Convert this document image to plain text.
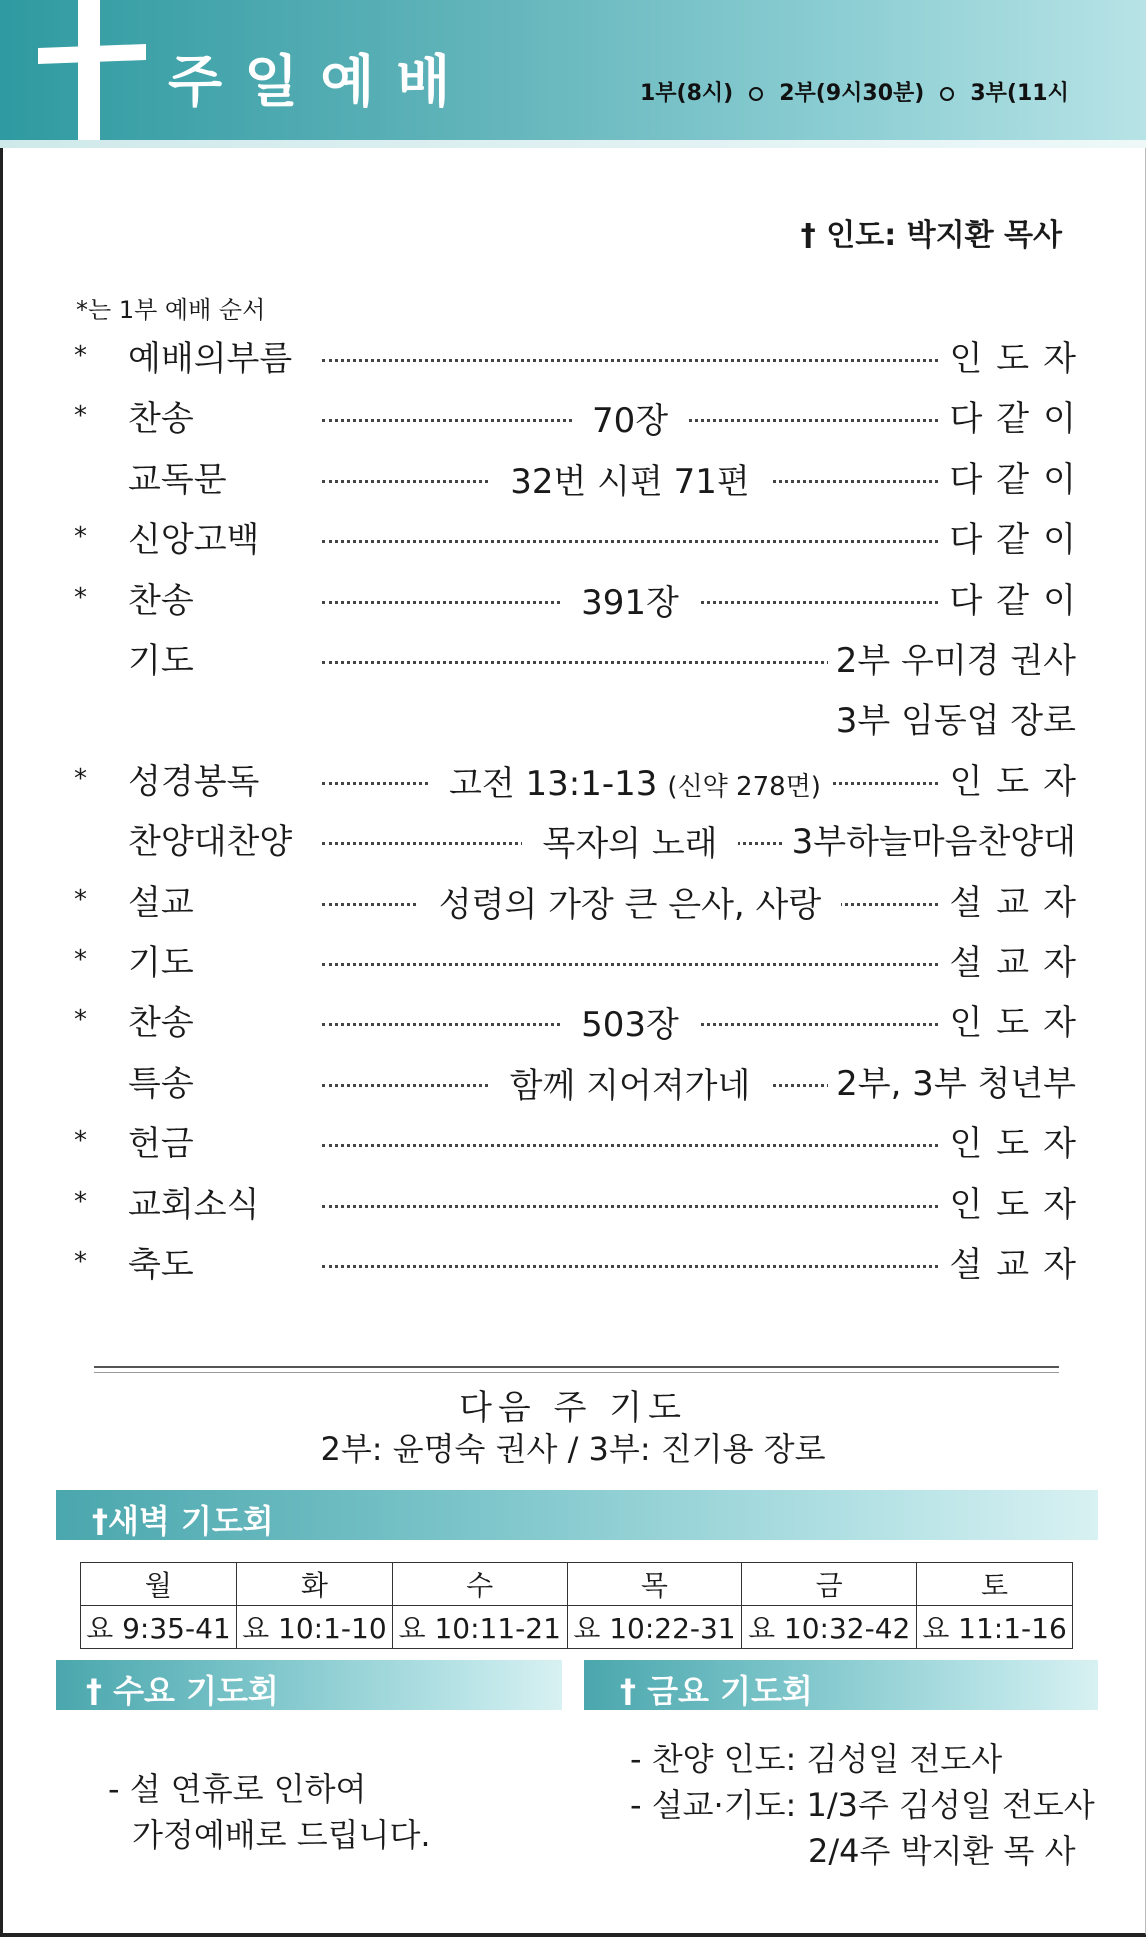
주일예배	1부(8시) 2부(9시30분) 3부(11시
† 인도: 박지환 목사
*는 1부 예배 순서
* 예배의부름	인도자
* 찬송	70장	다같이
교독문	32번 시편 71편	다같이
* 신앙고백	다같이
* 찬송	391장	다같이
기도	2부 우미경 권사
3부 임동업 장로
* 성경봉독	고전 13:1-13 (신약 278면)	인도자
찬양대찬양	목자의 노래	3부하늘마음찬양대
* 설교	성령의 가장 큰 은사, 사랑	설교자
* 기도	설교자
* 찬송	503장	인도자
특송	함께 지어져가네	2부, 3부 청년부
* 헌금	인도자
* 교회소식	인도자
* 축도	설교자
다음 주 기도
2부: 윤명숙 권사 / 3부: 진기용 장로
†새벽 기도회
월	화	수	목	금	토
요 9:35-41	요 10:1-10	요 10:11-21	요 10:22-31	요 10:32-42	요 11:1-16
† 수요 기도회	† 금요 기도회
- 설 연휴로 인하여
가정예배로 드립니다.
- 찬양 인도: 김성일 전도사
- 설교·기도: 1/3주 김성일 전도사
2/4주 박지환 목 사
